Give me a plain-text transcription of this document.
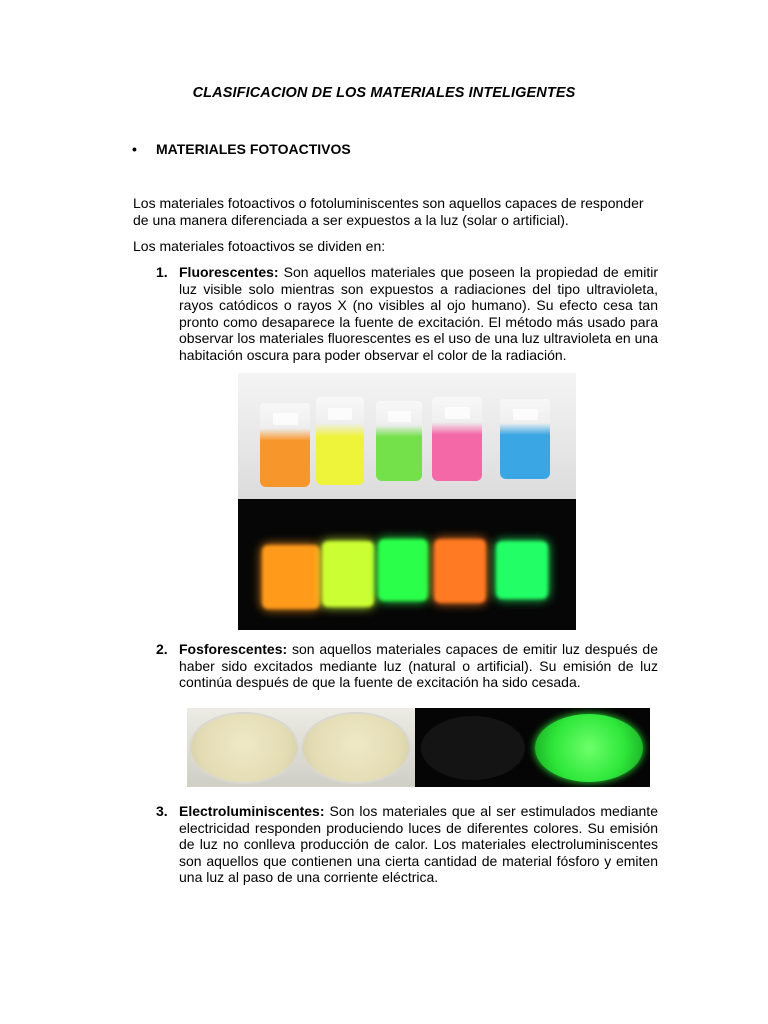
CLASIFICACION DE LOS MATERIALES INTELIGENTES
• MATERIALES FOTOACTIVOS
Los materiales fotoactivos o fotoluminiscentes son aquellos capaces de responder de una manera diferenciada a ser expuestos a la luz (solar o artificial).
Los materiales fotoactivos se dividen en:
1. Fluorescentes: Son aquellos materiales que poseen la propiedad de emitir luz visible solo mientras son expuestos a radiaciones del tipo ultravioleta, rayos catódicos o rayos X (no visibles al ojo humano). Su efecto cesa tan pronto como desaparece la fuente de excitación. El método más usado para observar los materiales fluorescentes es el uso de una luz ultravioleta en una habitación oscura para poder observar el color de la radiación.
2. Fosforescentes: son aquellos materiales capaces de emitir luz después de haber sido excitados mediante luz (natural o artificial). Su emisión de luz continúa después de que la fuente de excitación ha sido cesada.
3. Electroluminiscentes: Son los materiales que al ser estimulados mediante electricidad responden produciendo luces de diferentes colores. Su emisión de luz no conlleva producción de calor. Los materiales electroluminiscentes son aquellos que contienen una cierta cantidad de material fósforo y emiten una luz al paso de una corriente eléctrica.
